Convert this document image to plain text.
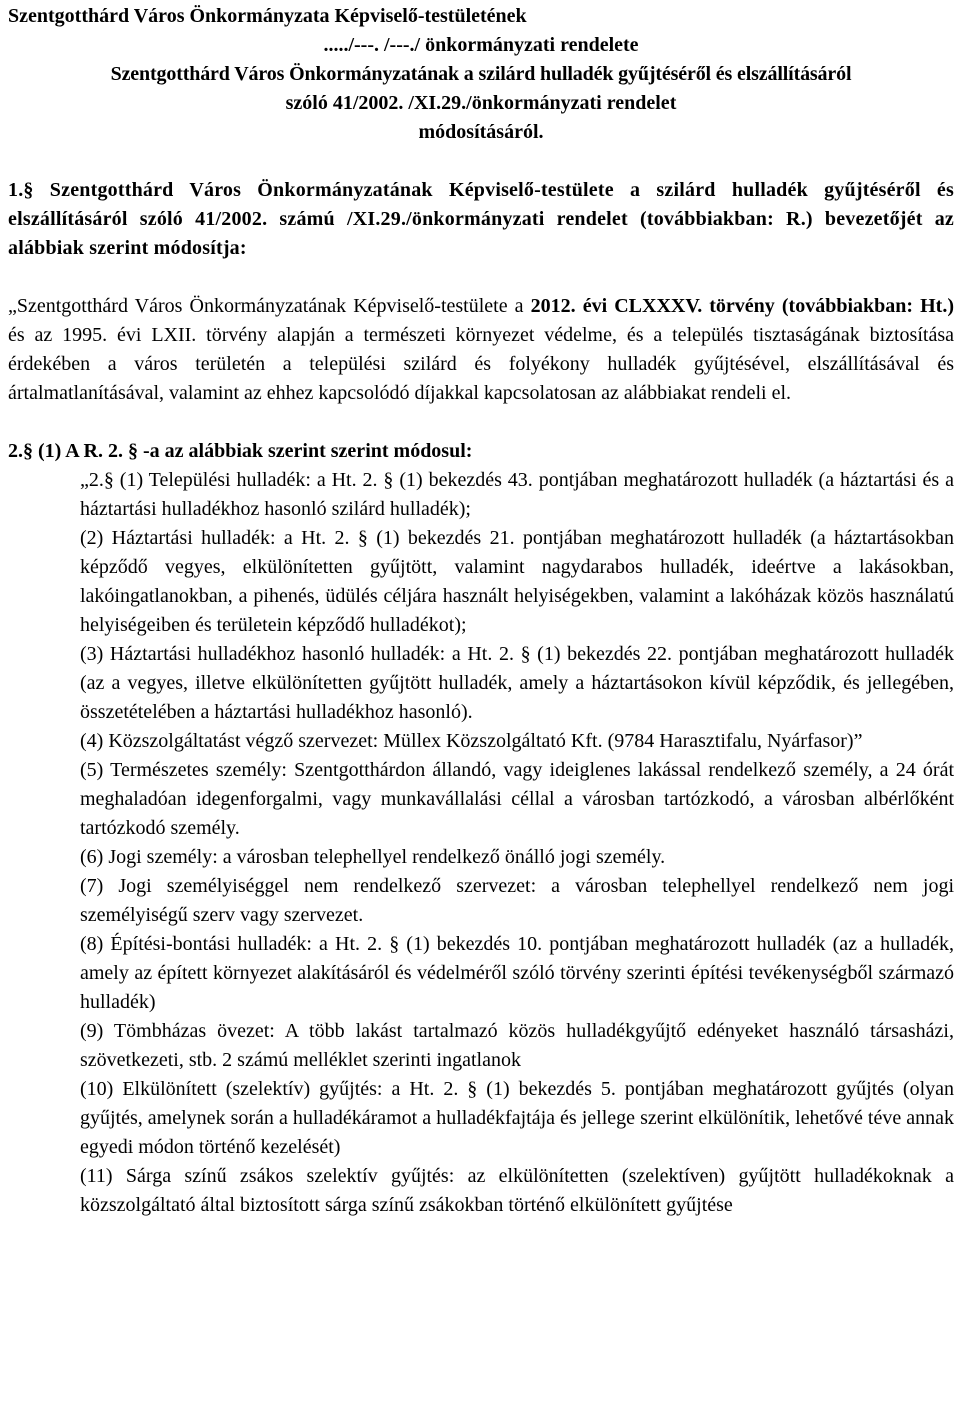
Szentgotthárd Város Önkormányzata Képviselő-testületének
...../---. /---./ önkormányzati rendelete
Szentgotthárd Város Önkormányzatának a szilárd hulladék gyűjtéséről és elszállításáról
szóló 41/2002. /XI.29./önkormányzati rendelet
módosításáról.

1.§ Szentgotthárd Város Önkormányzatának Képviselő-testülete a szilárd hulladék gyűjtéséről és elszállításáról szóló 41/2002. számú /XI.29./önkormányzati rendelet (továbbiakban: R.) bevezetőjét az alábbiak szerint módosítja:

„Szentgotthárd Város Önkormányzatának Képviselő-testülete a 2012. évi CLXXXV. törvény (továbbiakban: Ht.) és az 1995. évi LXII. törvény alapján a természeti környezet védelme, és a település tisztaságának biztosítása érdekében a város területén a települési szilárd és folyékony hulladék gyűjtésével, elszállításával és ártalmatlanításával, valamint az ehhez kapcsolódó díjakkal kapcsolatosan az alábbiakat rendeli el.

2.§ (1) A R. 2. § -a az alábbiak szerint szerint módosul:

„2.§ (1) Települési hulladék: a Ht. 2. § (1) bekezdés 43. pontjában meghatározott hulladék (a háztartási és a háztartási hulladékhoz hasonló szilárd hulladék);

(2) Háztartási hulladék: a Ht. 2. § (1) bekezdés 21. pontjában meghatározott hulladék (a háztartásokban képződő vegyes, elkülönítetten gyűjtött, valamint nagydarabos hulladék, ideértve a lakásokban, lakóingatlanokban, a pihenés, üdülés céljára használt helyiségekben, valamint a lakóházak közös használatú helyiségeiben és területein képződő hulladékot);

(3) Háztartási hulladékhoz hasonló hulladék: a Ht. 2. § (1) bekezdés 22. pontjában meghatározott hulladék (az a vegyes, illetve elkülönítetten gyűjtött hulladék, amely a háztartásokon kívül képződik, és jellegében, összetételében a háztartási hulladékhoz hasonló).

(4) Közszolgáltatást végző szervezet: Müllex Közszolgáltató Kft. (9784 Harasztifalu, Nyárfasor)”

(5) Természetes személy: Szentgotthárdon állandó, vagy ideiglenes lakással rendelkező személy, a 24 órát meghaladóan idegenforgalmi, vagy munkavállalási céllal a városban tartózkodó, a városban albérlőként tartózkodó személy.

(6) Jogi személy: a városban telephellyel rendelkező önálló jogi személy.

(7) Jogi személyiséggel nem rendelkező szervezet: a városban telephellyel rendelkező nem jogi személyiségű szerv vagy szervezet.

(8) Építési-bontási hulladék: a Ht. 2. § (1) bekezdés 10. pontjában meghatározott hulladék (az a hulladék, amely az épített környezet alakításáról és védelméről szóló törvény szerinti építési tevékenységből származó hulladék)

(9) Tömbházas övezet: A több lakást tartalmazó közös hulladékgyűjtő edényeket használó társasházi, szövetkezeti, stb. 2 számú melléklet szerinti ingatlanok

(10) Elkülönített (szelektív) gyűjtés: a Ht. 2. § (1) bekezdés 5. pontjában meghatározott gyűjtés (olyan gyűjtés, amelynek során a hulladékáramot a hulladékfajtája és jellege szerint elkülönítik, lehetővé téve annak egyedi módon történő kezelését)

(11) Sárga színű zsákos szelektív gyűjtés: az elkülönítetten (szelektíven) gyűjtött hulladékoknak a közszolgáltató által biztosított sárga színű zsákokban történő elkülönített gyűjtése
